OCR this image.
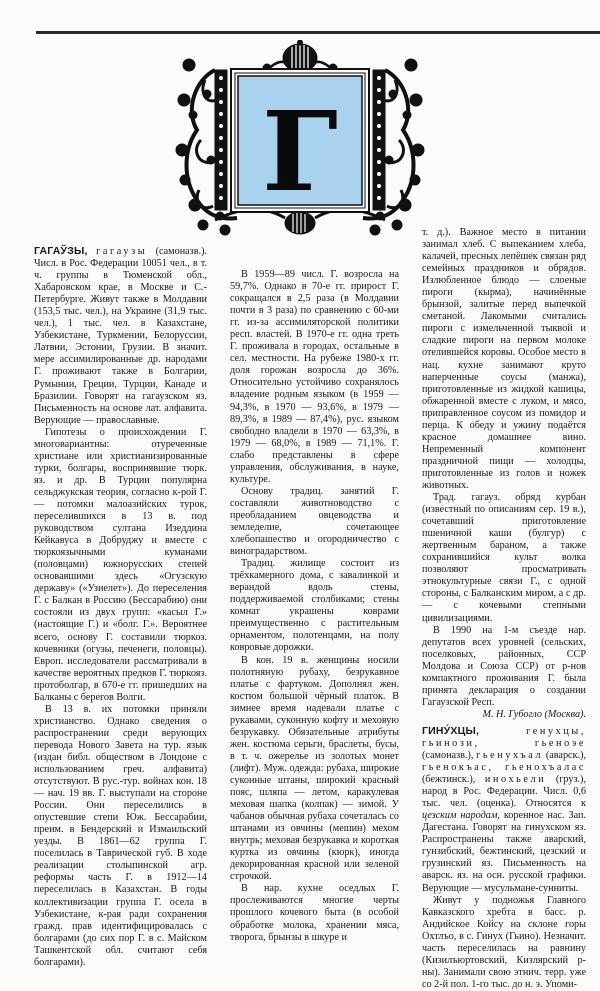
Г

ГАГАЎЗЫ, гагаузы (самоназв.). Числ. в Рос. Федерации 10051 чел., в т. ч. группы в Тюменской обл., Хабаровском крае, в Москве и С.-Петербурге. Живут также в Молдавии (153,5 тыс. чел.), на Украине (31,9 тыс. чел.), 1 тыс. чел. в Казахстане, Узбекистане, Туркмении, Белоруссии, Латвии, Эстонии, Грузии. В значит. мере ассимилированные др. народами Г. проживают также в Болгарии, Румынии, Греции, Турции, Канаде и Бразилии. Говорят на гагаузском яз. Письменность на основе лат. алфавита. Верующие — православные.

Гипотезы о происхождении Г. многовариантны: отуреченные христиане или христианизированные турки, болгары, воспринявшие тюрк. яз. и др. В Турции популярна сельджукская теория, согласно к-рой Г. — потомки малоазийских турок, переселившихся в 13 в. под руководством султана Изеддина Кейкавуса в Добруджу и вместе с тюркоязычными куманами (половцами) южнорусских степей основавшими здесь «Огузскую державу» («Узиелет»). До переселения Г. с Балкан в Россию (Бессарабию) они состояли из двух групп: «касыл Г.» (настоящие Г.) и «болг. Г.». Вероятнее всего, основу Г. составили тюркоз. кочевники (огузы, печенеги, половцы). Европ. исследователи рассматривали в качестве вероятных предков Г. тюркояз. протоболгар, в 670-е гг. пришедших на Балканы с берегов Волги.

В 13 в. их потомки приняли христианство. Однако сведения о распространении среди верующих перевода Нового Завета на тур. язык (издан библ. обществом в Лондоне с использованием греч. алфавита) отсутствуют. В рус.-тур. войнах кон. 18 — нач. 19 вв. Г. выступали на стороне России. Они переселились в опустевшие степи Юж. Бессарабии, преим. в Бендерский и Измаильский уезды. В 1861—62 группа Г. поселилась в Таврической губ. В ходе реализации столыпинской агр. реформы часть Г. в 1912—14 переселилась в Казахстан. В годы коллективизации группа Г. осела в Узбекистане, к-рая ради сохранения гражд. прав идентифицировалась с болгарами (до сих пор Г. в с. Майском Ташкентской обл. считают себя болгарами).

В 1959—89 числ. Г. возросла на 59,7%. Однако в 70-е гг. прирост Г. сокращался в 2,5 раза (в Молдавии почти в 3 раза) по сравнению с 60-ми гг. из-за ассимиляторской политики респ. властей. В 1970-е гг. одна треть Г. проживала в городах, остальные в сел. местности. На рубеже 1980-х гг. доля горожан возросла до 36%. Относительно устойчиво сохранялось владение родным языком (в 1959 — 94,3%, в 1970 — 93,6%, в 1979 — 89,3%, в 1989 — 87,4%), рус. языком свободно владели в 1970 — 63,3%, в 1979 — 68,0%, в 1989 — 71,1%. Г. слабо представлены в сфере управления, обслуживания, в науке, культуре.

Основу традиц. занятий Г. составляли животноводство с преобладанием овцеводства и земледелие, сочетающее хлебопашество и огородничество с виноградарством.

Традиц. жилище состоит из трёхкамерного дома, с завалинкой и верандой вдоль стены, поддерживаемой столбиками; стены комнат украшены коврами преимущественно с растительным орнаментом, полотенцами, на полу ковровые дорожки.

В кон. 19 в. женщины носили полотняную рубаху, безрукавное платье с фартуком. Дополнял жен. костюм большой чёрный платок. В зимнее время надевали платье с рукавами, суконную кофту и меховую безрукавку. Обязательные атрибуты жен. костюма серьги, браслеты, бусы, в т. ч. ожерелье из золотых монет (лифт). Муж. одежда: рубаха, широкие суконные штаны, широкий красный пояс, шляпа — летом, каракулевая меховая шапка (колпак) — зимой. У чабанов обычная рубаха сочеталась со штанами из овчины (мешин) мехом внутрь; меховая безрукавка и короткая куртка из овчины (кюрк), иногда декорированная красной или зеленой строчкой.

В нар. кухне оседлых Г. прослеживаются многие черты прошлого кочевого быта (в особой обработке молока, хранении мяса, творога, брынзы в шкуре и

т. д.). Важное место в питании занимал хлеб. С выпеканием хлеба, калачей, пресных лепёшек связан ряд семейных праздников и обрядов. Излюбленное блюдо — слоеные пироги (кырма), начинённые брынзой, залитые перед выпечкой сметаной. Лакомыми считались пироги с измельченной тыквой и сладкие пироги на первом молоке отелившейся коровы. Особое место в нац. кухне занимают круто наперченные соусы (манжа), приготовленные из жидкой кашицы, обжаренной вместе с луком, и мясо, приправленное соусом из помидор и перца. К обеду и ужину подаётся красное домашнее вино. Непременный компонент праздничной пищи — холодцы, приготовленные из голов и ножек животных.

Трад. гагауз. обряд курбан (известный по описаниям сер. 19 в.), сочетавший приготовление пшеничной каши (булгур) с жертвенным бараном, а также сохранившийся культ волка позволяют просматривать этнокультурные связи Г., с одной стороны, с Балканским миром, а с др. — с кочевыми степными цивилизациями.

В 1990 на 1-м съезде нар. депутатов всех уровней (сельских, поселковых, районных, ССР Молдова и Союза ССР) от р-нов компактного проживания Г. была принята декларация о создании Гагаузской Респ.

М. Н. Губогло (Москва).

ГИНУ́ХЦЫ,	генухцы, гьинози, гьеноэе (самоназв.), гьенухъал (аварск.), гьенокъас, гьенохъалас (бежтинск.), инохьели (груз.), народ в Рос. Федерации. Числ. 0,6 тыс. чел. (оценка). Относятся к цезским народам, коренное нас. Зап. Дагестана. Говорят на гинухском яз. Распространены также аварский, гунзибский, бежтинский, цезский и грузинский яз. Письменность на аварск. яз. на осн. русской графики. Верующие — мусульмане-сунниты.

Живут у подножья Главного Кавказского хребта в басс. р. Андийское Койсу на склоне горы Охтлъо, в с. Гинух (Гьино). Незначит. часть переселилась на равнину (Кизилъюртовский, Кизлярский р-ны). Занимали свою этнич. терр. уже со 2-й пол. 1-го тыс. до н. э. Упоми-
